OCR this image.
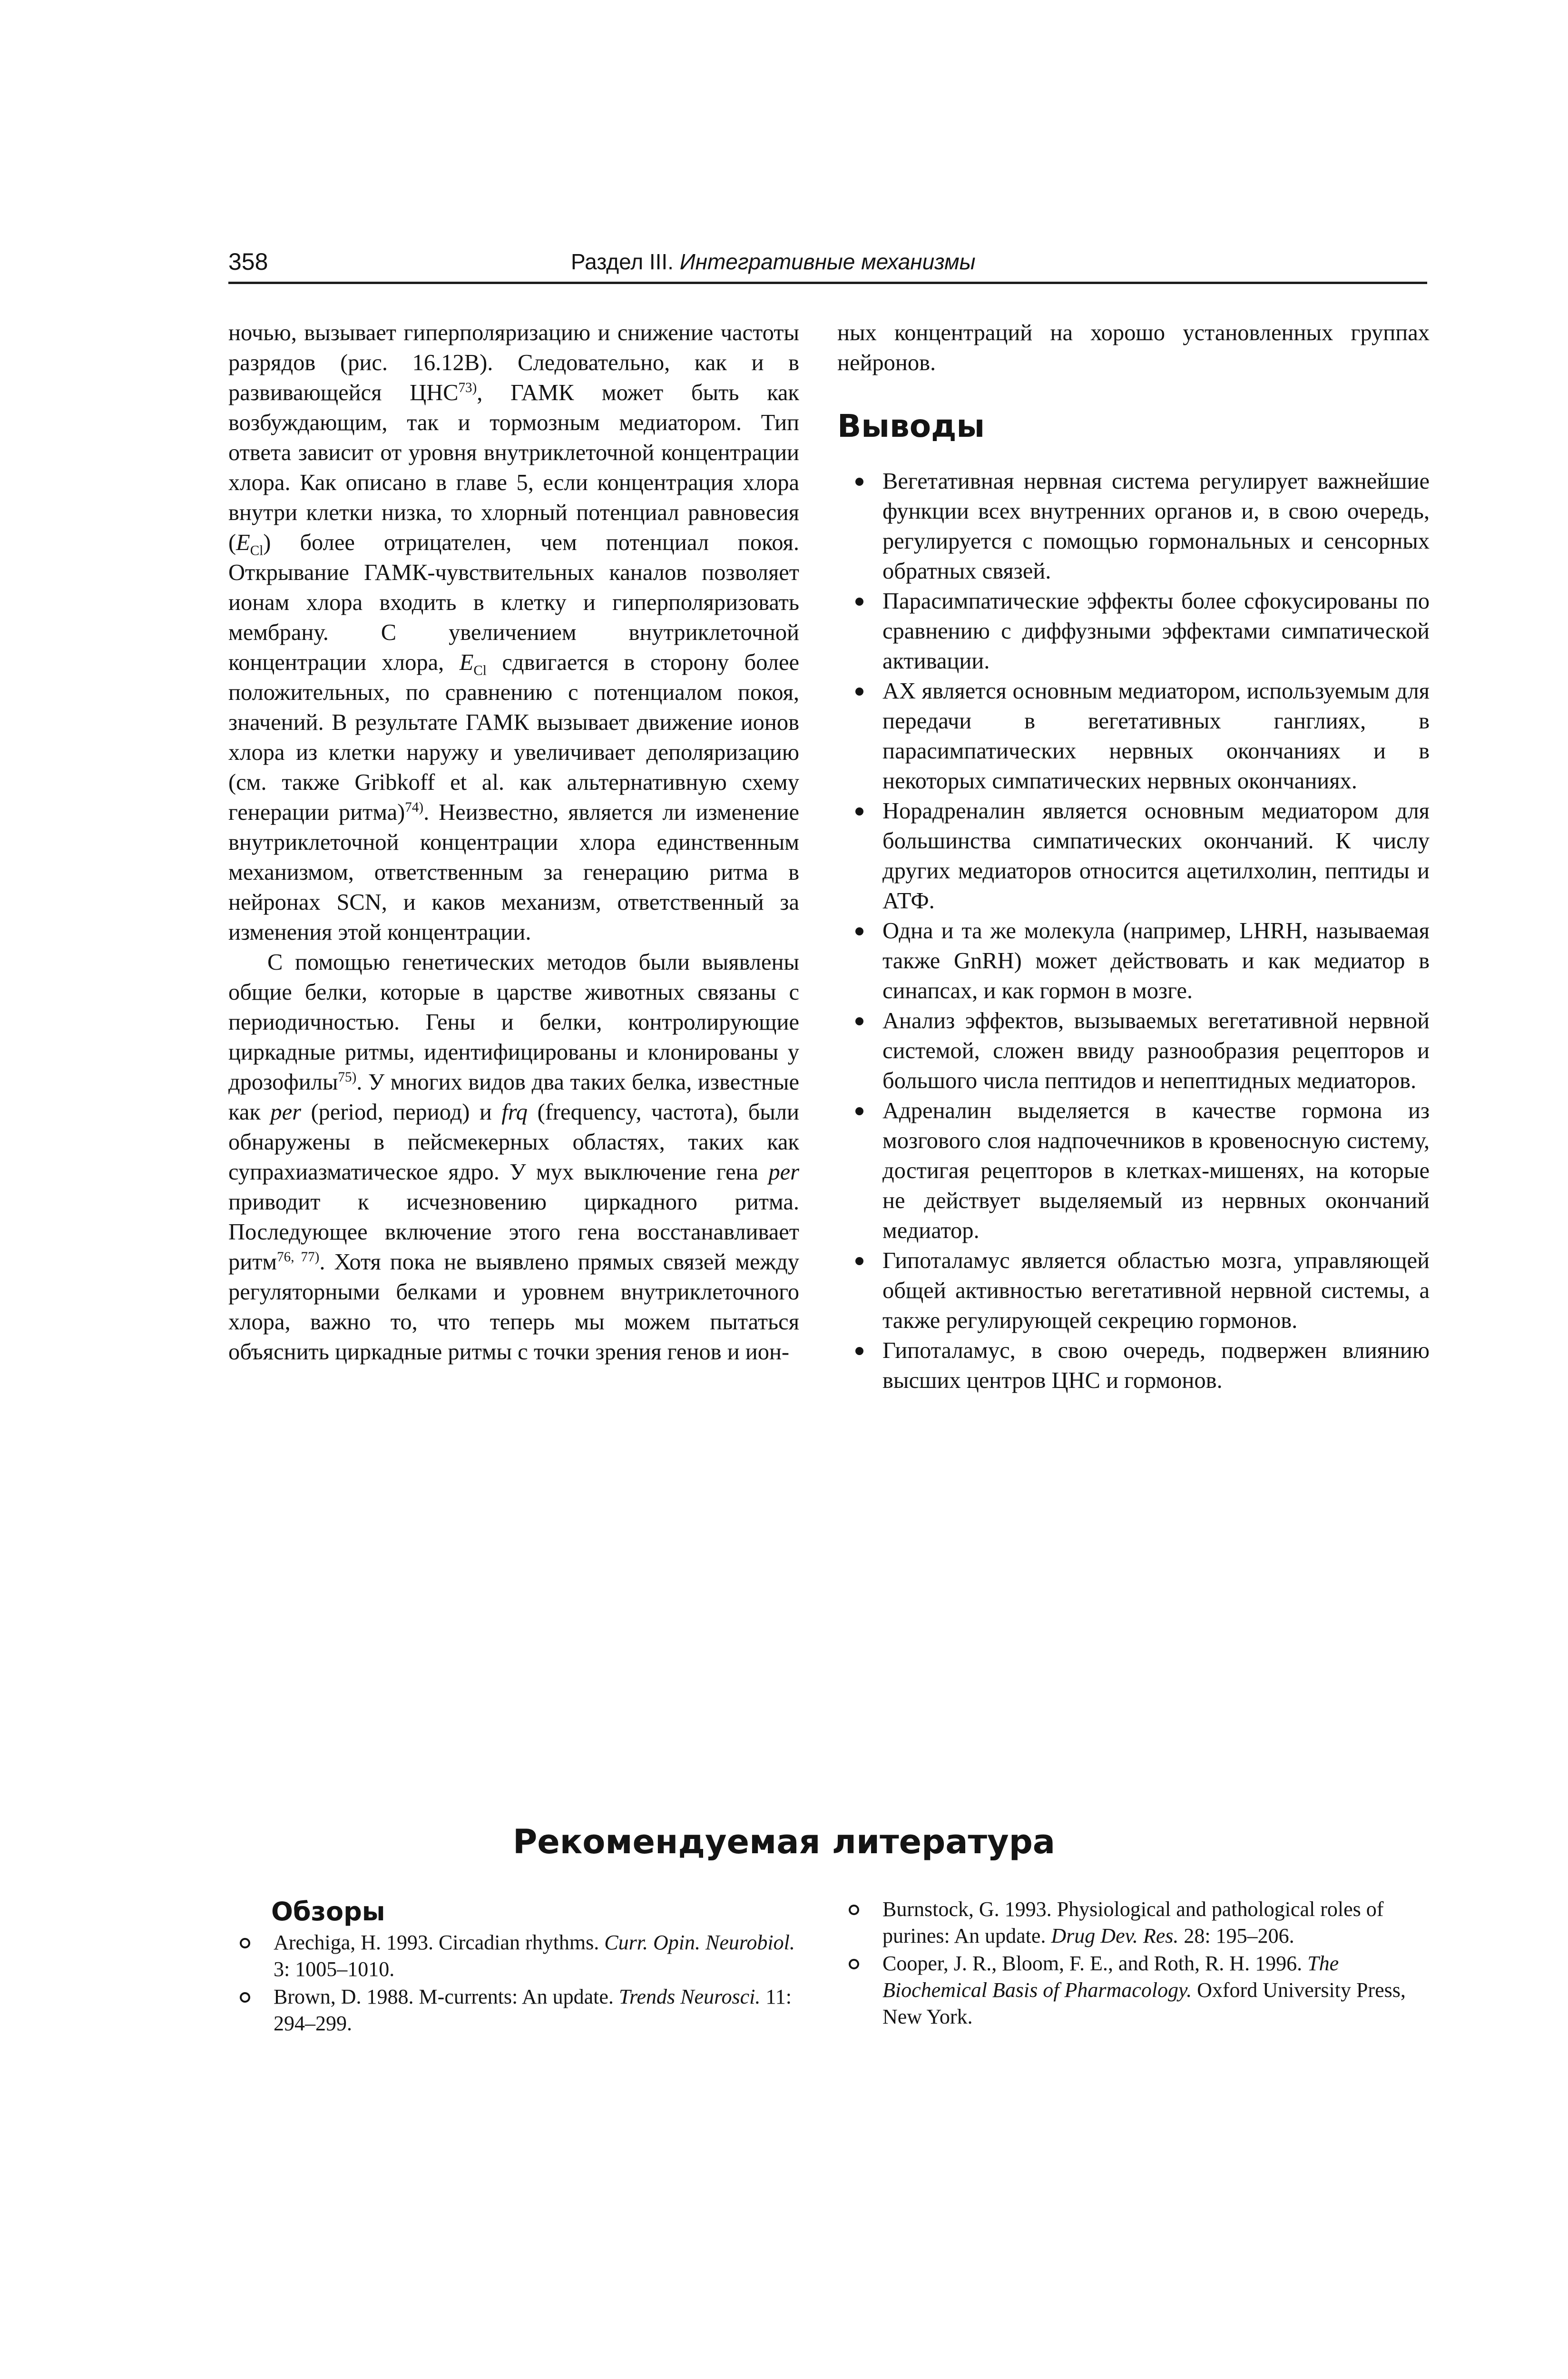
358	Раздел III. Интегративные механизмы

ночью, вызывает гиперполяризацию и снижение частоты разрядов (рис. 16.12В). Следовательно, как и в развивающейся ЦНС$^{73)}$, ГАМК может быть как возбуждающим, так и тормозным медиатором. Тип ответа зависит от уровня внутриклеточной концентрации хлора. Как описано в главе 5, если концентрация хлора внутри клетки низка, то хлорный потенциал равновесия $(E_{Cl})$ более отрицателен, чем потенциал покоя. Открывание ГАМК-чувствительных каналов позволяет ионам хлора входить в клетку и гиперполяризовать мембрану. С увеличением внутриклеточной концентрации хлора, $E_{Cl}$ сдвигается в сторону более положительных, по сравнению с потенциалом покоя, значений. В результате ГАМК вызывает движение ионов хлора из клетки наружу и увеличивает деполяризацию (см. также Gribkoff et al. как альтернативную схему генерации ритма)$^{74)}$. Неизвестно, является ли изменение внутриклеточной концентрации хлора единственным механизмом, ответственным за генерацию ритма в нейронах SCN, и каков механизм, ответственный за изменения этой концентрации.

С помощью генетических методов были выявлены общие белки, которые в царстве животных связаны с периодичностью. Гены и белки, контролирующие циркадные ритмы, идентифицированы и клонированы у дрозофилы$^{75)}$. У многих видов два таких белка, известные как per (period, период) и frq (frequency, частота), были обнаружены в пейсмекерных областях, таких как супрахиазматическое ядро. У мух выключение гена per приводит к исчезновению циркадного ритма. Последующее включение этого гена восстанавливает ритм$^{76, 77)}$. Хотя пока не выявлено прямых связей между регуляторными белками и уровнем внутриклеточного хлора, важно то, что теперь мы можем пытаться объяснить циркадные ритмы с точки зрения генов и ион-

ных концентраций на хорошо установленных группах нейронов.

Выводы
Вегетативная нервная система регулирует важнейшие функции всех внутренних органов и, в свою очередь, регулируется с помощью гормональных и сенсорных обратных связей.
Парасимпатические эффекты более сфокусированы по сравнению с диффузными эффектами симпатической активации.
АХ является основным медиатором, используемым для передачи в вегетативных ганглиях, в парасимпатических нервных окончаниях и в некоторых симпатических нервных окончаниях.
Норадреналин является основным медиатором для большинства симпатических окончаний. К числу других медиаторов относится ацетилхолин, пептиды и АТФ.
Одна и та же молекула (например, LHRH, называемая также GnRH) может действовать и как медиатор в синапсах, и как гормон в мозге.
Анализ эффектов, вызываемых вегетативной нервной системой, сложен ввиду разнообразия рецепторов и большого числа пептидов и непептидных медиаторов.
Адреналин выделяется в качестве гормона из мозгового слоя надпочечников в кровеносную систему, достигая рецепторов в клетках-мишенях, на которые не действует выделяемый из нервных окончаний медиатор.
Гипоталамус является областью мозга, управляющей общей активностью вегетативной нервной системы, а также регулирующей секрецию гормонов.
Гипоталамус, в свою очередь, подвержен влиянию высших центров ЦНС и гормонов.
Рекомендуемая литература
Обзоры
Arechiga, H. 1993. Circadian rhythms. Curr. Opin. Neurobiol. 3: 1005–1010.
Brown, D. 1988. M-currents: An update. Trends Neurosci. 11: 294–299.
Burnstock, G. 1993. Physiological and pathological roles of purines: An update. Drug Dev. Res. 28: 195–206.
Cooper, J. R., Bloom, F. E., and Roth, R. H. 1996. The Biochemical Basis of Pharmacology. Oxford University Press, New York.
